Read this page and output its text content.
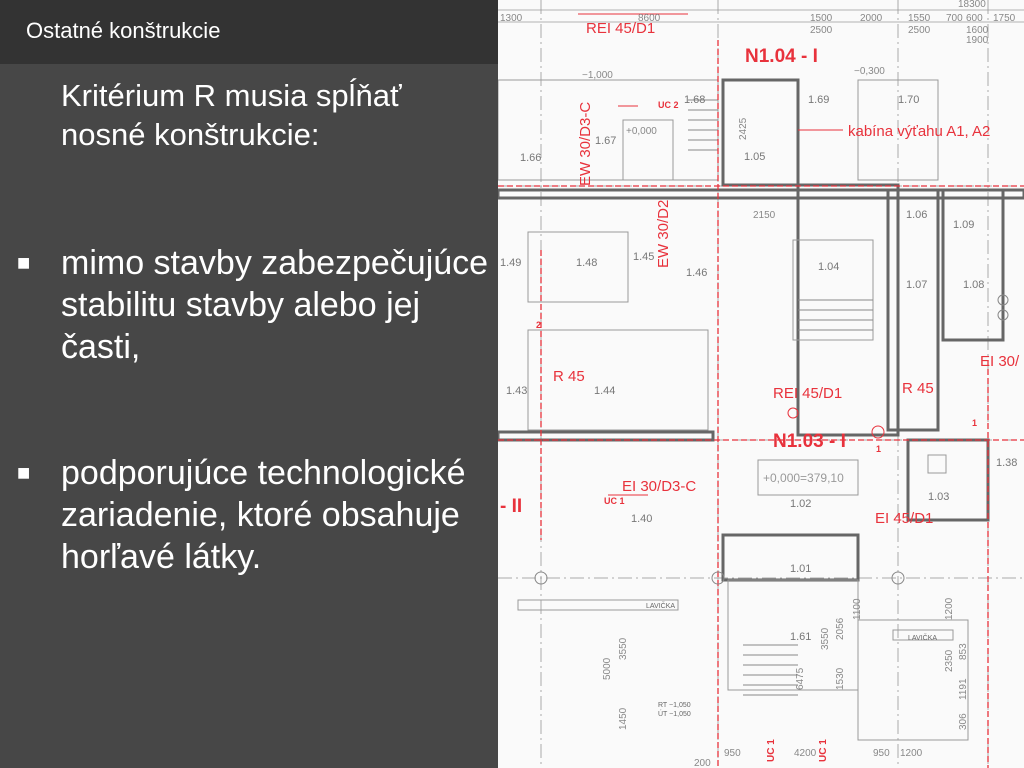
Ostatné konštrukcie
Kritérium R musia spĺňať nosné konštrukcie:
■ mimo stavby zabezpečujúce stabilitu stavby alebo jej časti,
■ podporujúce technologické zariadenie, ktoré obsahuje horľavé látky.
1300	8600	1500	2000	1550 700 600 1750
18300
2500	2500	1600
1900
−1,000	−0,300
+0,000	2425
2150
3550
5000
1450
950	4200	950 1200
200
2350
1191
306
3550 2056
1530
6475
1100	1200
853
1.68	1.69	1.70
1.67
1.66	1.05
1.06
1.09
1.48	1.45
1.46	1.04
1.07	1.08
1.43	1.44
1.38
1.40
1.02
1.03
1.01
1.61
1.49
+0,000=379,10
LAVIČKA
LAVIČKA
RT −1,050
ÚT −1,050
REI 45/D1
N1.04 - I
kabína výťahu A1, A2
EW 30/D3-C
EW 30/D2
UC 2
R 45
REI 45/D1	R 45
EI 30/
N1.03 - I
EI 30/D3-C
UC 1
EI 45/D1
- II
UC 1	UC 1
1
1
2
